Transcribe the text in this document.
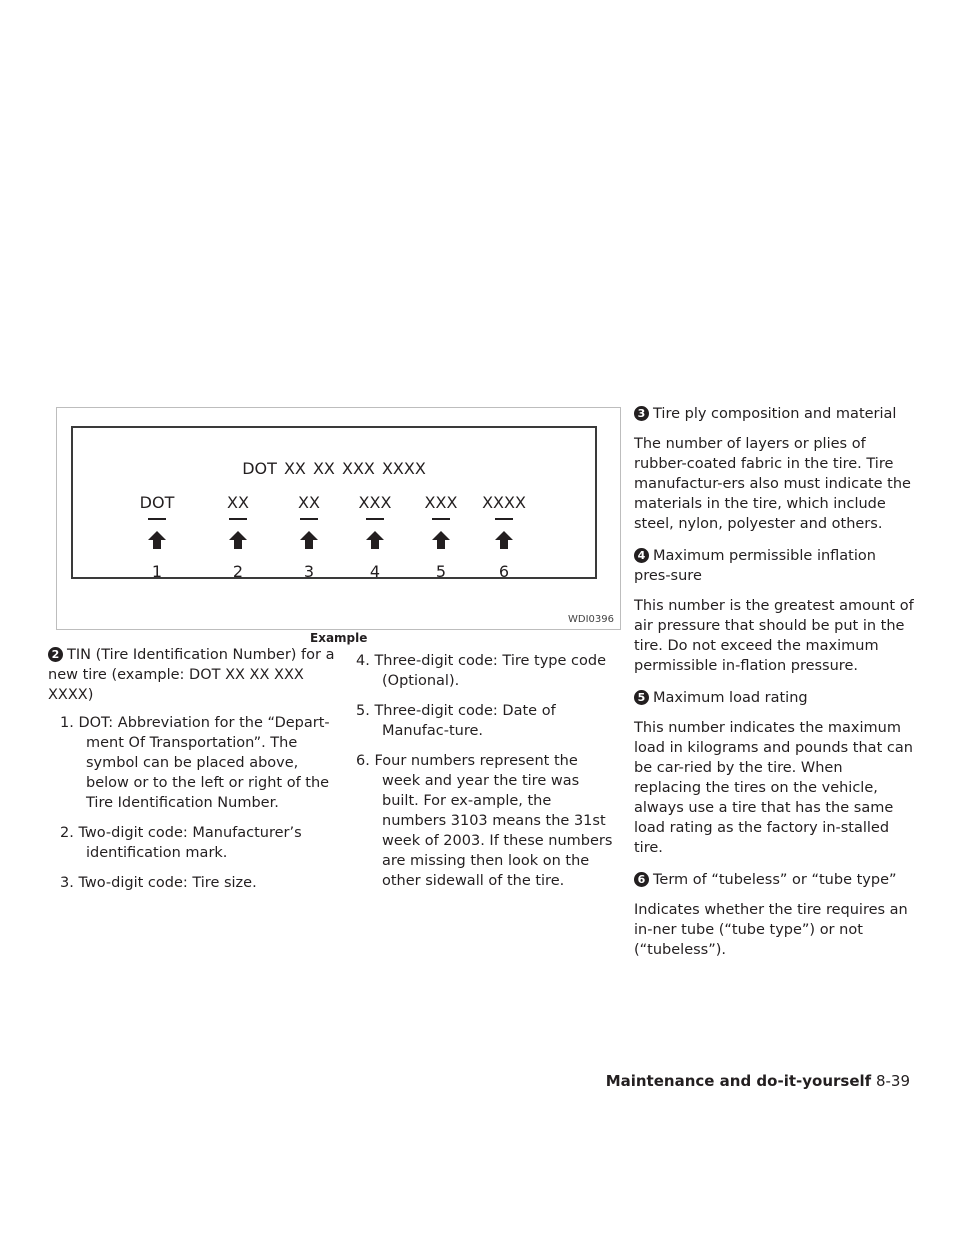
DOT XX XX XXX XXXX
DOT
1
XX
2
XX
3
XXX
4
XXX
5
XXXX
6
WDI0396
Example

2 TIN (Tire Identification Number) for a new tire (example: DOT XX XX XXX XXXX)

1. DOT: Abbreviation for the “Depart-ment Of Transportation”. The symbol can be placed above, below or to the left or right of the Tire Identification Number.

2. Two-digit code: Manufacturer’s identification mark.

3. Two-digit code: Tire size.

4. Three-digit code: Tire type code (Optional).

5. Three-digit code: Date of Manufac-ture.

6. Four numbers represent the week and year the tire was built. For ex-ample, the numbers 3103 means the 31st week of 2003. If these numbers are missing then look on the other sidewall of the tire.

3 Tire ply composition and material

The number of layers or plies of rubber-coated fabric in the tire. Tire manufactur-ers also must indicate the materials in the tire, which include steel, nylon, polyester and others.

4 Maximum permissible inflation pres-sure

This number is the greatest amount of air pressure that should be put in the tire. Do not exceed the maximum permissible in-flation pressure.

5 Maximum load rating

This number indicates the maximum load in kilograms and pounds that can be car-ried by the tire. When replacing the tires on the vehicle, always use a tire that has the same load rating as the factory in-stalled tire.

6 Term of “tubeless” or “tube type”

Indicates whether the tire requires an in-ner tube (“tube type”) or not (“tubeless”).

Maintenance and do-it-yourself 8-39
